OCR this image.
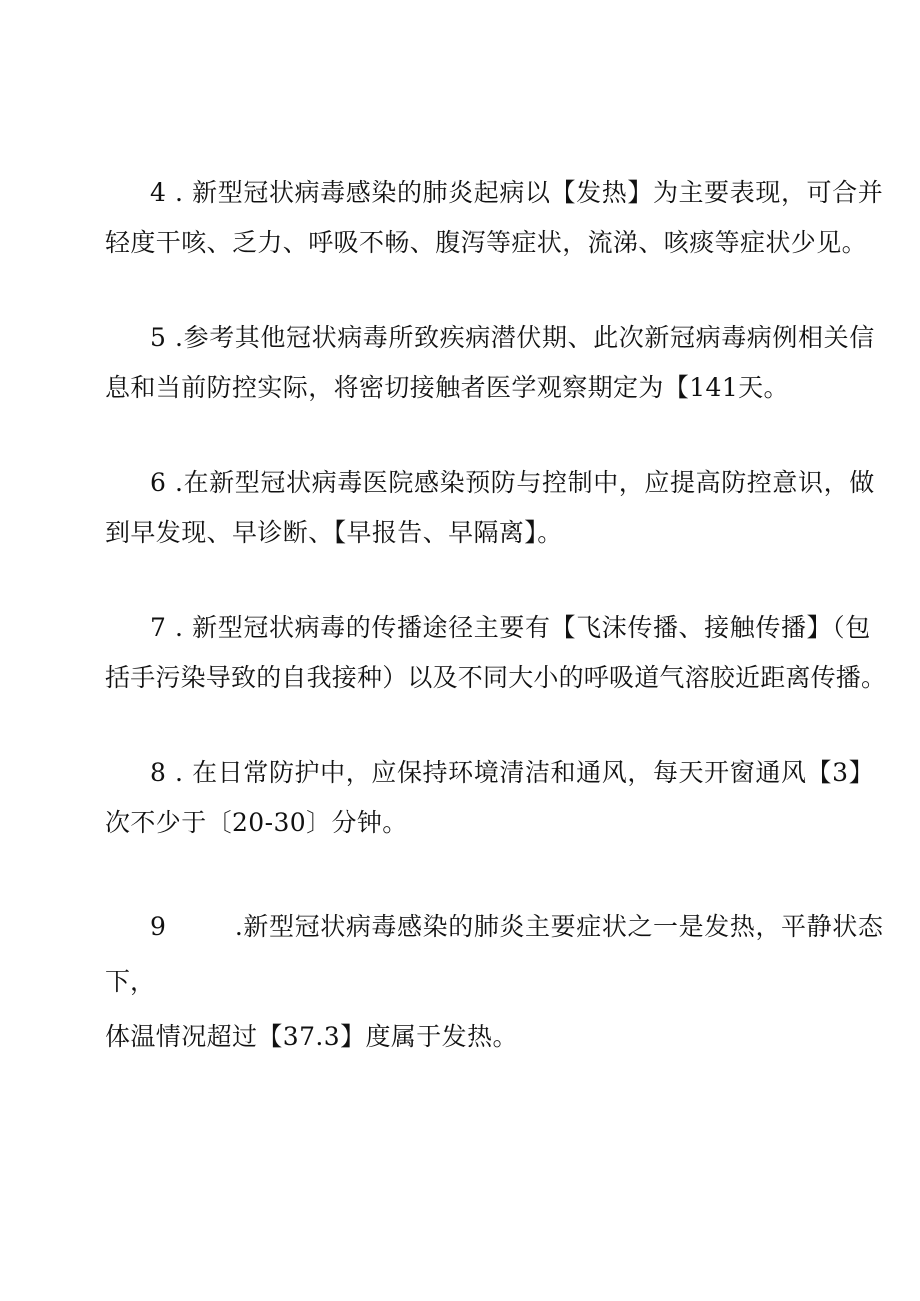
4 . 新型冠状病毒感染的肺炎起病以【发热】为主要表现，可合并
轻度干咳、乏力、呼吸不畅、腹泻等症状，流涕、咳痰等症状少见。
5 .参考其他冠状病毒所致疾病潜伏期、此次新冠病毒病例相关信
息和当前防控实际，将密切接触者医学观察期定为【141天。
6 .在新型冠状病毒医院感染预防与控制中，应提高防控意识，做
到早发现、早诊断、【早报告、早隔离】。
7 . 新型冠状病毒的传播途径主要有【飞沫传播、接触传播】（包
括手污染导致的自我接种）以及不同大小的呼吸道气溶胶近距离传播。
8 . 在日常防护中，应保持环境清洁和通风，每天开窗通风【3】
次不少于〔20-30〕分钟。
9        .新型冠状病毒感染的肺炎主要症状之一是发热，平静状态
下，
体温情况超过【37.3】度属于发热。
